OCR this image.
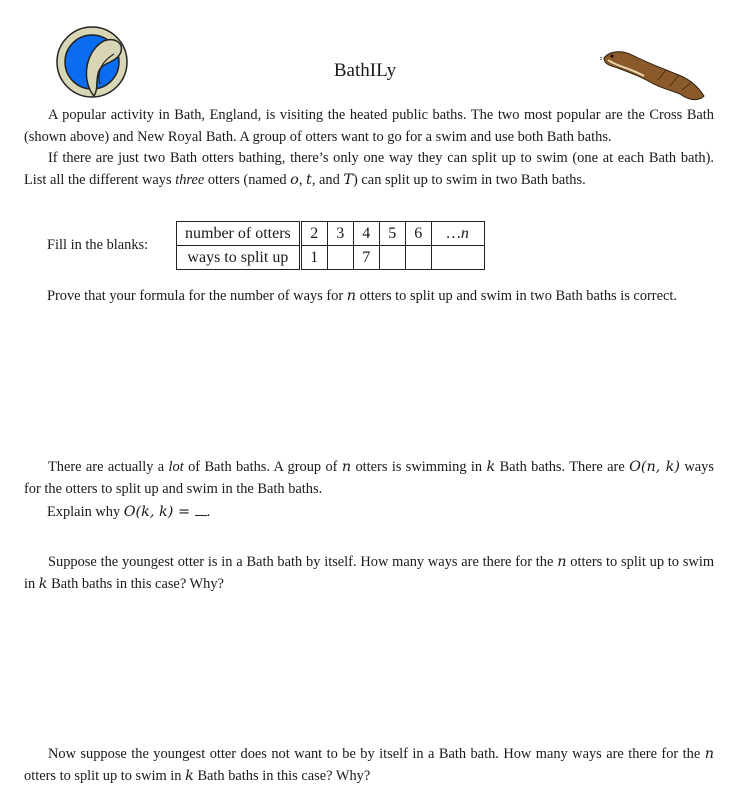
BathILy
A popular activity in Bath, England, is visiting the heated public baths. The two most popular are the Cross Bath (shown above) and New Royal Bath. A group of otters want to go for a swim and use both Bath baths.
If there are just two Bath otters bathing, there’s only one way they can split up to swim (one at each Bath bath). List all the different ways three otters (named o, t, and T) can split up to swim in two Bath baths.
Fill in the blanks:
number of otters	2	3	4	5	6	…n
ways to split up	1		7			
Prove that your formula for the number of ways for n otters to split up and swim in two Bath baths is correct.
There are actually a lot of Bath baths. A group of n otters is swimming in k Bath baths. There are O(n, k) ways for the otters to split up and swim in the Bath baths.
Explain why O(k, k) = .
Suppose the youngest otter is in a Bath bath by itself. How many ways are there for the n otters to split up to swim in k Bath baths in this case? Why?
Now suppose the youngest otter does not want to be by itself in a Bath bath. How many ways are there for the n otters to split up to swim in k Bath baths in this case? Why?
